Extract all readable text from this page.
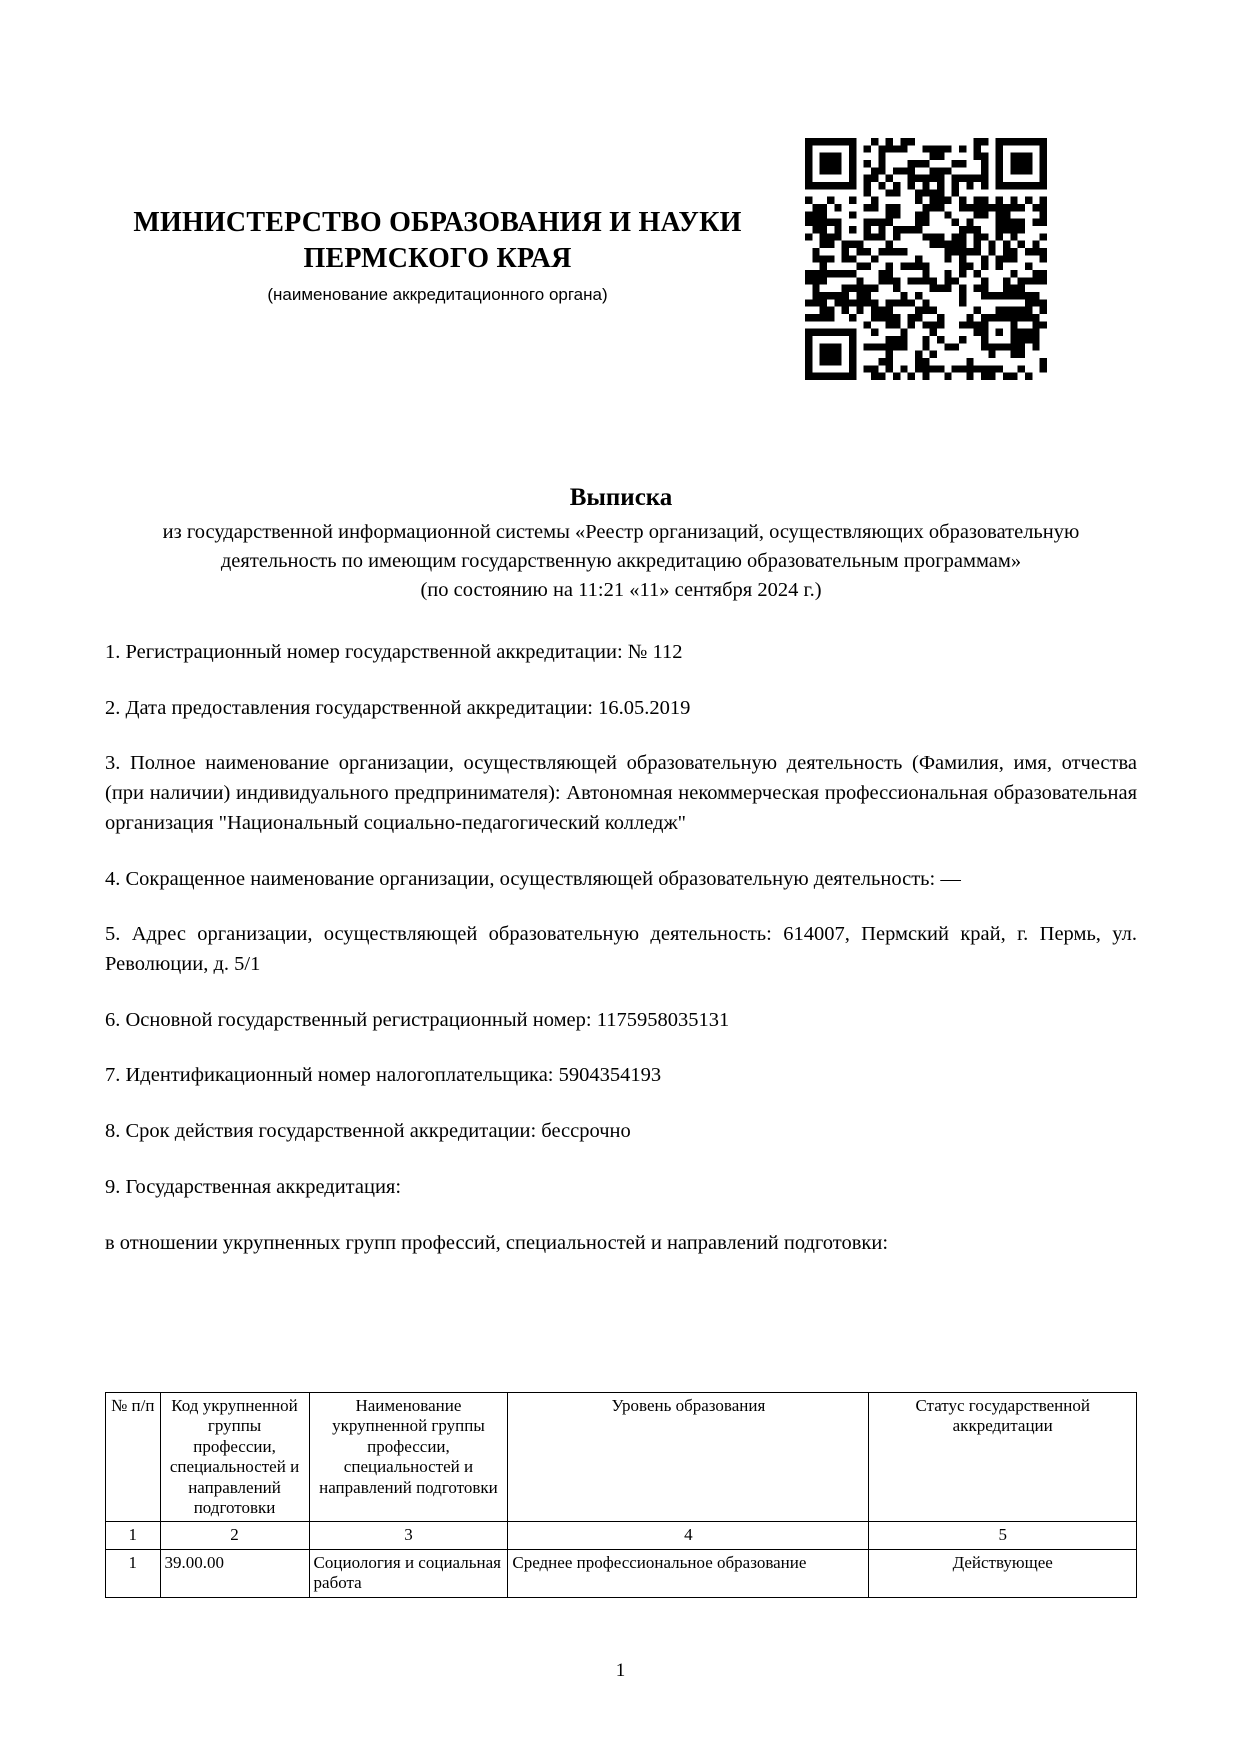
МИНИСТЕРСТВО ОБРАЗОВАНИЯ И НАУКИ
ПЕРМСКОГО КРАЯ
(наименование аккредитационного органа)
Выписка
из государственной информационной системы «Реестр организаций, осуществляющих образовательную
деятельность по имеющим государственную аккредитацию образовательным программам»
(по состоянию на 11:21 «11» сентября 2024 г.)

1. Регистрационный номер государственной аккредитации: № 112

2. Дата предоставления государственной аккредитации: 16.05.2019

3. Полное наименование организации, осуществляющей образовательную деятельность (Фамилия, имя, отчества (при наличии) индивидуального предпринимателя): Автономная некоммерческая профессиональная образовательная организация "Национальный социально-педагогический колледж"

4. Сокращенное наименование организации, осуществляющей образовательную деятельность: —

5. Адрес организации, осуществляющей образовательную деятельность: 614007, Пермский край, г. Пермь, ул. Революции, д. 5/1

6. Основной государственный регистрационный номер: 1175958035131

7. Идентификационный номер налогоплательщика: 5904354193

8. Срок действия государственной аккредитации: бессрочно

9. Государственная аккредитация:

в отношении укрупненных групп профессий, специальностей и направлений подготовки:

№ п/п	Код укрупненной группы профессии, специальностей и направлений подготовки	Наименование укрупненной группы профессии, специальностей и направлений подготовки	Уровень образования	Статус государственной аккредитации
1	2	3	4	5
1	39.00.00	Социология и социальная работа	Среднее профессиональное образование	Действующее
1
